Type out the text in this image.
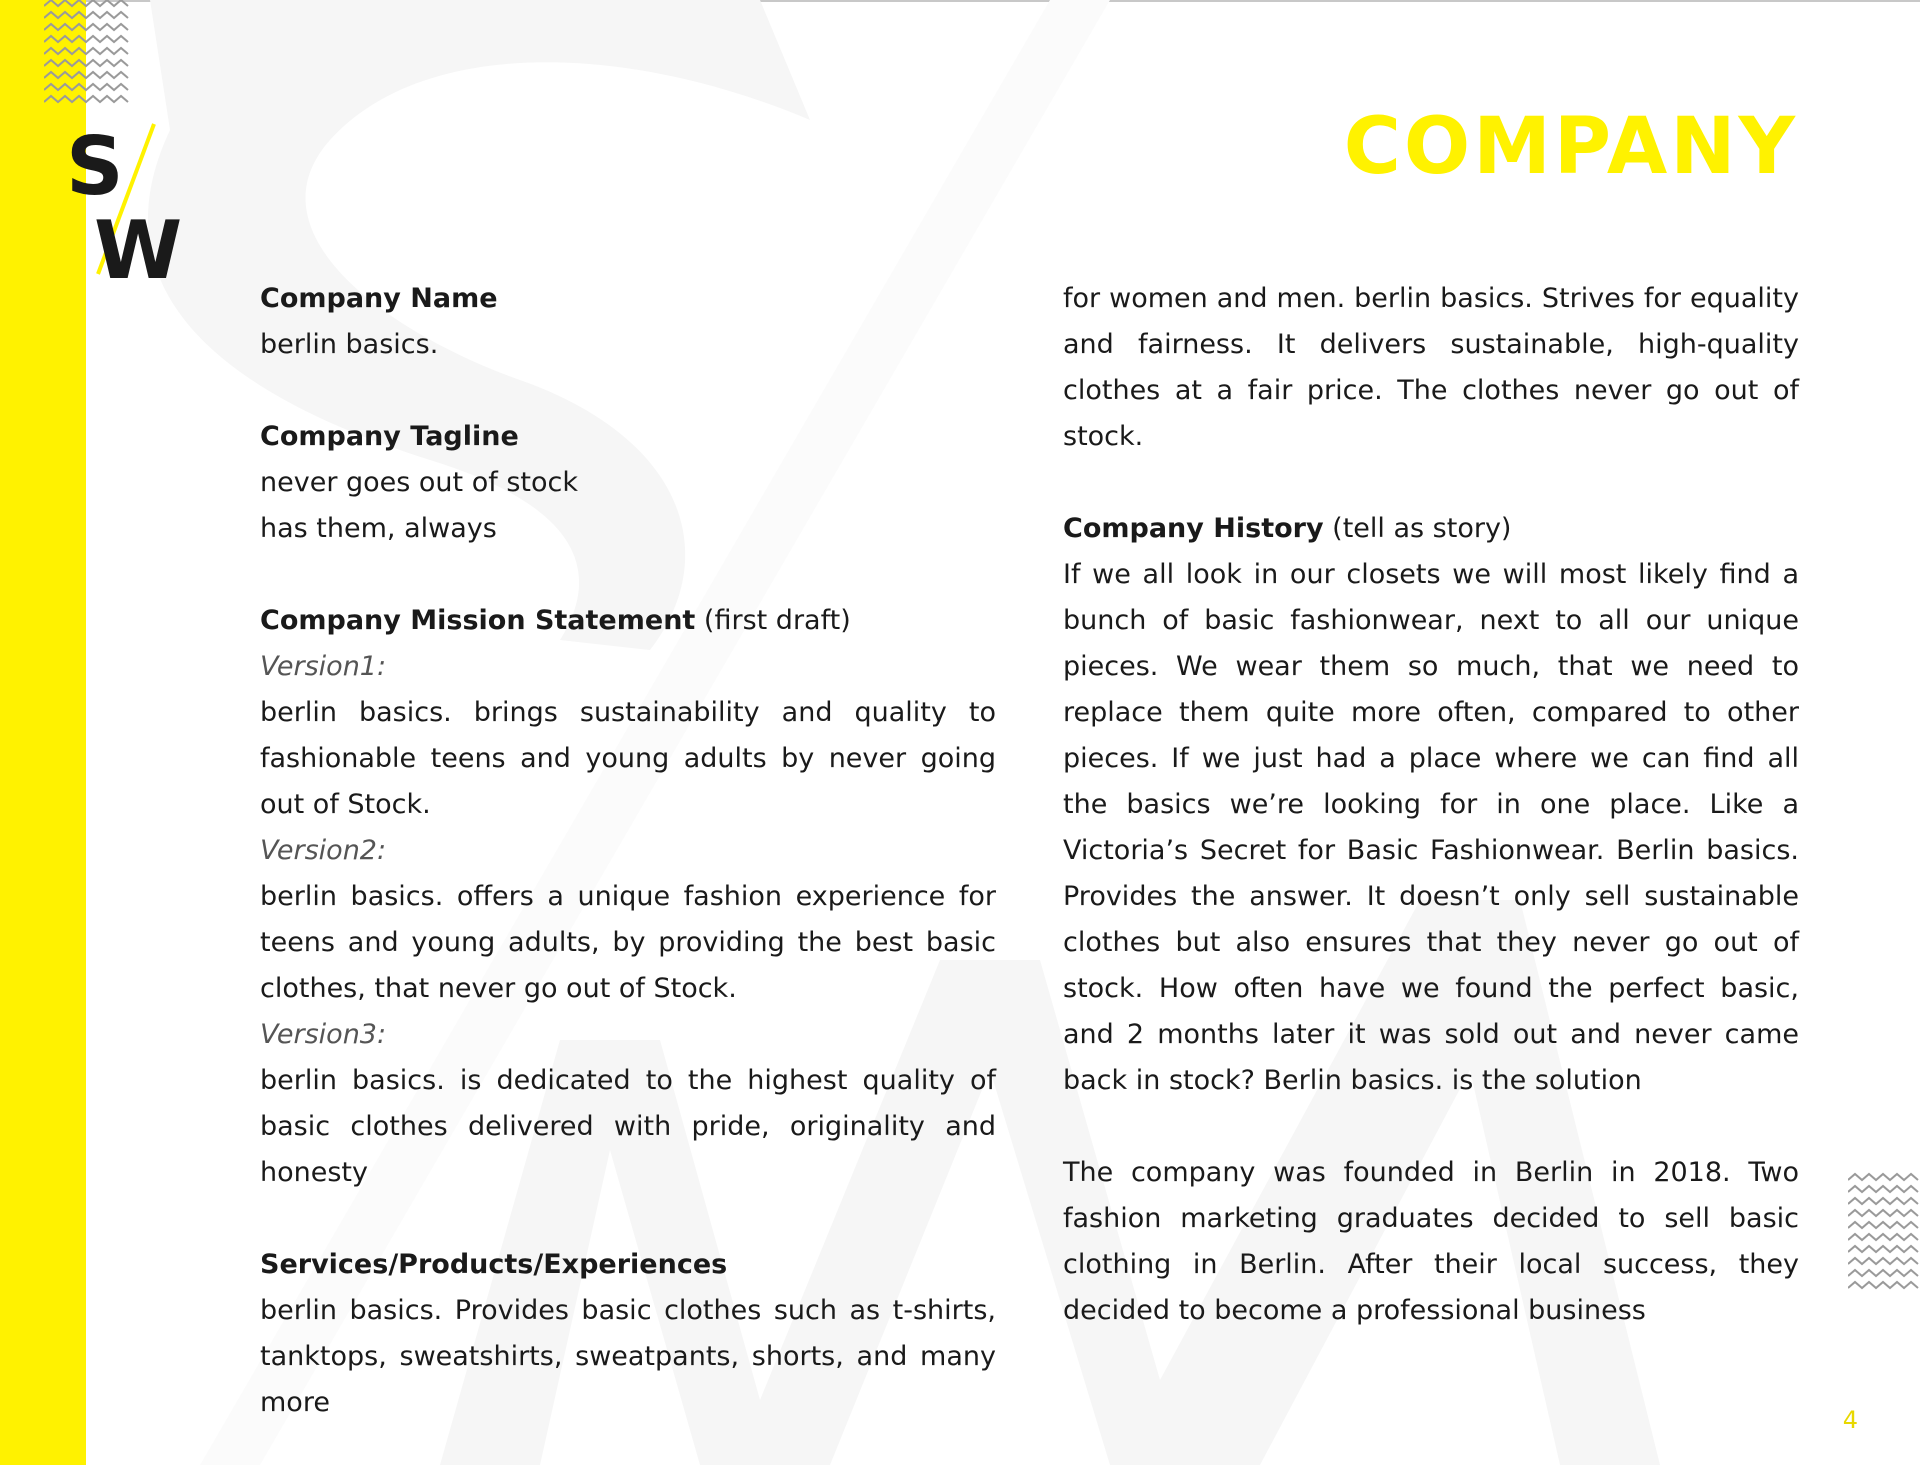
S
W
COMPANY

Company Name

berlin basics.

Company Tagline

never goes out of stock

has them, always

Company Mission Statement (first draft)

Version1:

berlin basics. brings sustainability and quality to fashionable teens and young adults by never going out of Stock.

Version2:

berlin basics. offers a unique fashion experience for teens and young adults, by providing the best basic clothes, that never go out of Stock.

Version3:

berlin basics. is dedicated to the highest quality of basic clothes delivered with pride, originality and honesty

Services/Products/Experiences

berlin basics. Provides basic clothes such as t-shirts, tanktops, sweatshirts, sweatpants, shorts, and many more

for women and men. berlin basics. Strives for equality and fairness. It delivers sustainable, high-quality clothes at a fair price. The clothes never go out of stock.

Company History (tell as story)

If we all look in our closets we will most likely find a bunch of basic fashionwear, next to all our unique pieces. We wear them so much, that we need to replace them quite more often, compared to other pieces. If we just had a place where we can find all the basics we’re looking for in one place. Like a Victoria’s Secret for Basic Fashionwear. Berlin basics. Provides the answer. It doesn’t only sell sustainable clothes but also ensures that they never go out of stock. How often have we found the perfect basic, and 2 months later it was sold out and never came back in stock? Berlin basics. is the solution

The company was founded in Berlin in 2018. Two fashion marketing graduates decided to sell basic clothing in Berlin. After their local success, they decided to become a professional business

4
